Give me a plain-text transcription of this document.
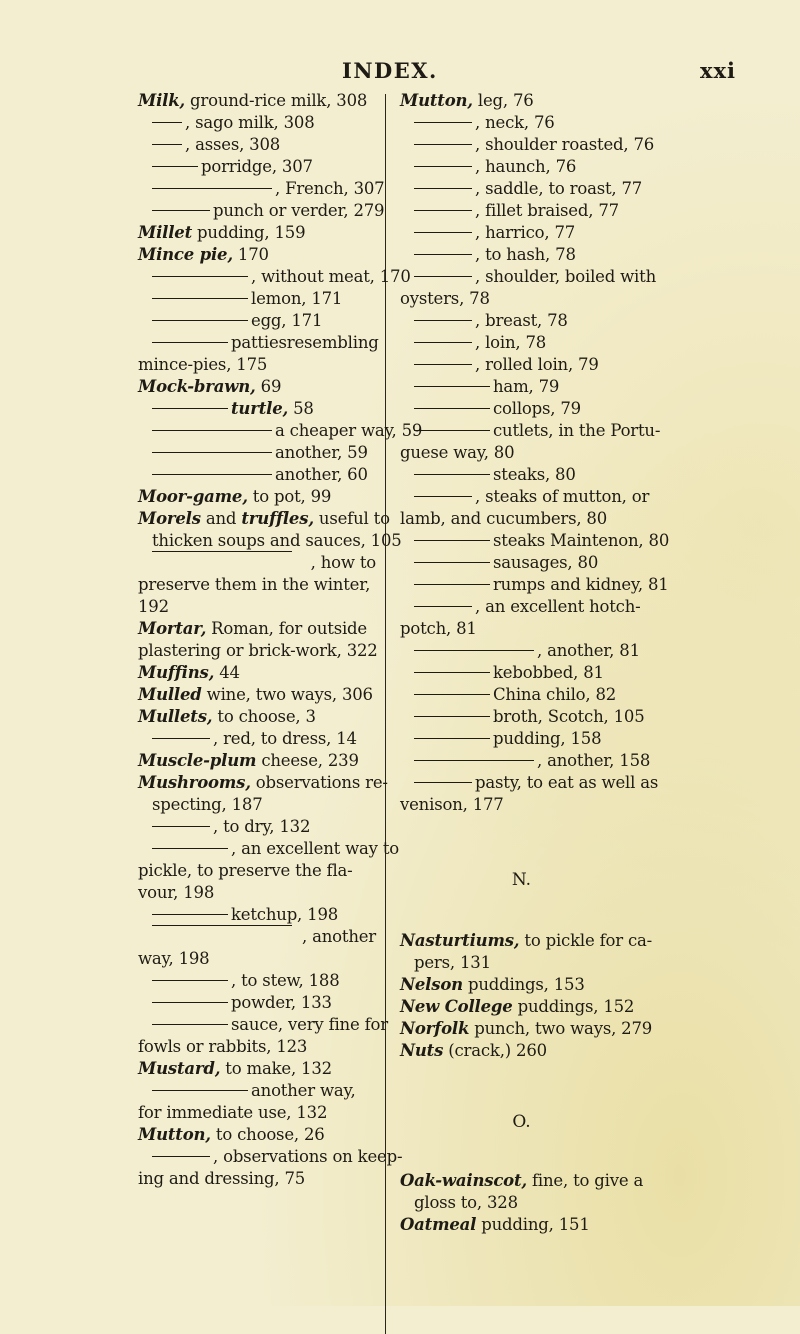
INDEX.	xxi
Milk, ground-rice milk, 308
, sago milk, 308
, asses, 308
porridge, 307
, French, 307
punch or verder, 279
Millet pudding, 159
Mince pie, 170
, without meat, 170
lemon, 171
egg, 171
patties resembling
mince-pies, 175
Mock-brawn, 69
turtle, 58
a cheaper way, 59
another, 59
another, 60
Moor-game, to pot, 99
Morels and truffles, useful to
thicken soups and sauces, 105
, how to
preserve them in the winter,
192
Mortar, Roman, for outside
plastering or brick-work, 322
Muffins, 44
Mulled wine, two ways, 306
Mullets, to choose, 3
, red, to dress, 14
Muscle-plum cheese, 239
Mushrooms, observations re-
specting, 187
, to dry, 132
, an excellent way to
pickle, to preserve the fla-
vour, 198
ketchup, 198
, another
way, 198
, to stew, 188
powder, 133
sauce, very fine for
fowls or rabbits, 123
Mustard, to make, 132
another way,
for immediate use, 132
Mutton, to choose, 26
, observations on keep-
ing and dressing, 75
Mutton, leg, 76
, neck, 76
, shoulder roasted, 76
, haunch, 76
, saddle, to roast, 77
, fillet braised, 77
, harrico, 77
, to hash, 78
, shoulder, boiled with
oysters, 78
, breast, 78
, loin, 78
, rolled loin, 79
ham, 79
collops, 79
cutlets, in the Portu-
guese way, 80
steaks, 80
, steaks of mutton, or
lamb, and cucumbers, 80
steaks Maintenon, 80
sausages, 80
rumps and kidney, 81
, an excellent hotch-
potch, 81
, another, 81
kebobbed, 81
China chilo, 82
broth, Scotch, 105
pudding, 158
, another, 158
pasty, to eat as well as
venison, 177
N.
Nasturtiums, to pickle for ca-
pers, 131
Nelson puddings, 153
New College puddings, 152
Norfolk punch, two ways, 279
Nuts (crack,) 260
O.
Oak-wainscot, fine, to give a
gloss to, 328
Oatmeal pudding, 151
